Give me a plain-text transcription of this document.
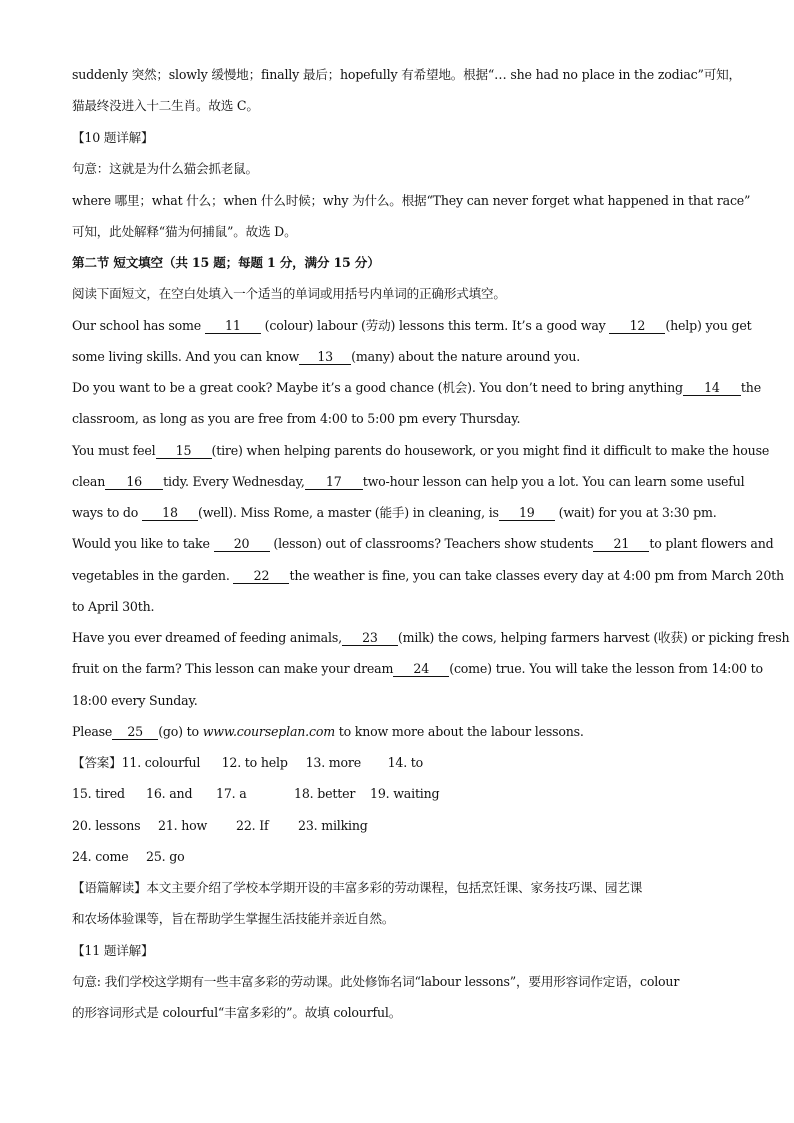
suddenly 突然；slowly 缓慢地；finally 最后；hopefully 有希望地。根据“… she had no place in the zodiac”可知，
猫最终没进入十二生肖。故选 C。
【10 题详解】
句意：这就是为什么猫会抓老鼠。
where 哪里；what 什么；when 什么时候；why 为什么。根据“They can never forget what happened in that race”
可知，此处解释“猫为何捕鼠”。故选 D。
第二节 短文填空（共 15 题；每题 1 分，满分 15 分）
阅读下面短文，在空白处填入一个适当的单词或用括号内单词的正确形式填空。
Our school has some 11 (colour) labour (劳动) lessons this term. It’s a good way 12	(help) you get
some living skills. And you can know 13 (many) about the nature around you.
Do you want to be a great cook? Maybe it’s a good chance (机会). You don’t need to bring anything 14	the
classroom, as long as you are free from 4:00 to 5:00 pm every Thursday.
You must feel 15	(tire) when helping parents do housework, or you might find it difficult to make the house
clean 16 tidy. Every Wednesday, 17	two-hour lesson can help you a lot. You can learn some useful
ways to do 18 (well). Miss Rome, a master (能手) in cleaning, is 19 (wait) for you at 3:30 pm.
Would you like to take 20 (lesson) out of classrooms? Teachers show students 21	to plant flowers and
vegetables in the garden. 22	the weather is fine, you can take classes every day at 4:00 pm from March 20th
to April 30th.
Have you ever dreamed of feeding animals, 23	(milk) the cows, helping farmers harvest (收获) or picking fresh
fruit on the farm? This lesson can make your dream 24	(come) true. You will take the lesson from 14:00 to
18:00 every Sunday.
Please 25 (go) to www.courseplan.com to know more about the labour lessons.
【答案】11. colourful 12. to help 13. more 14. to
15. tired 16. and 17. a	18. better 19. waiting
20. lessons 21. how 22. If 23. milking
24. come 25. go
【语篇解读】本文主要介绍了学校本学期开设的丰富多彩的劳动课程，包括烹饪课、家务技巧课、园艺课
和农场体验课等，旨在帮助学生掌握生活技能并亲近自然。
【11 题详解】
句意: 我们学校这学期有一些丰富多彩的劳动课。此处修饰名词“labour lessons”，要用形容词作定语，colour
的形容词形式是 colourful“丰富多彩的”。故填 colourful。
